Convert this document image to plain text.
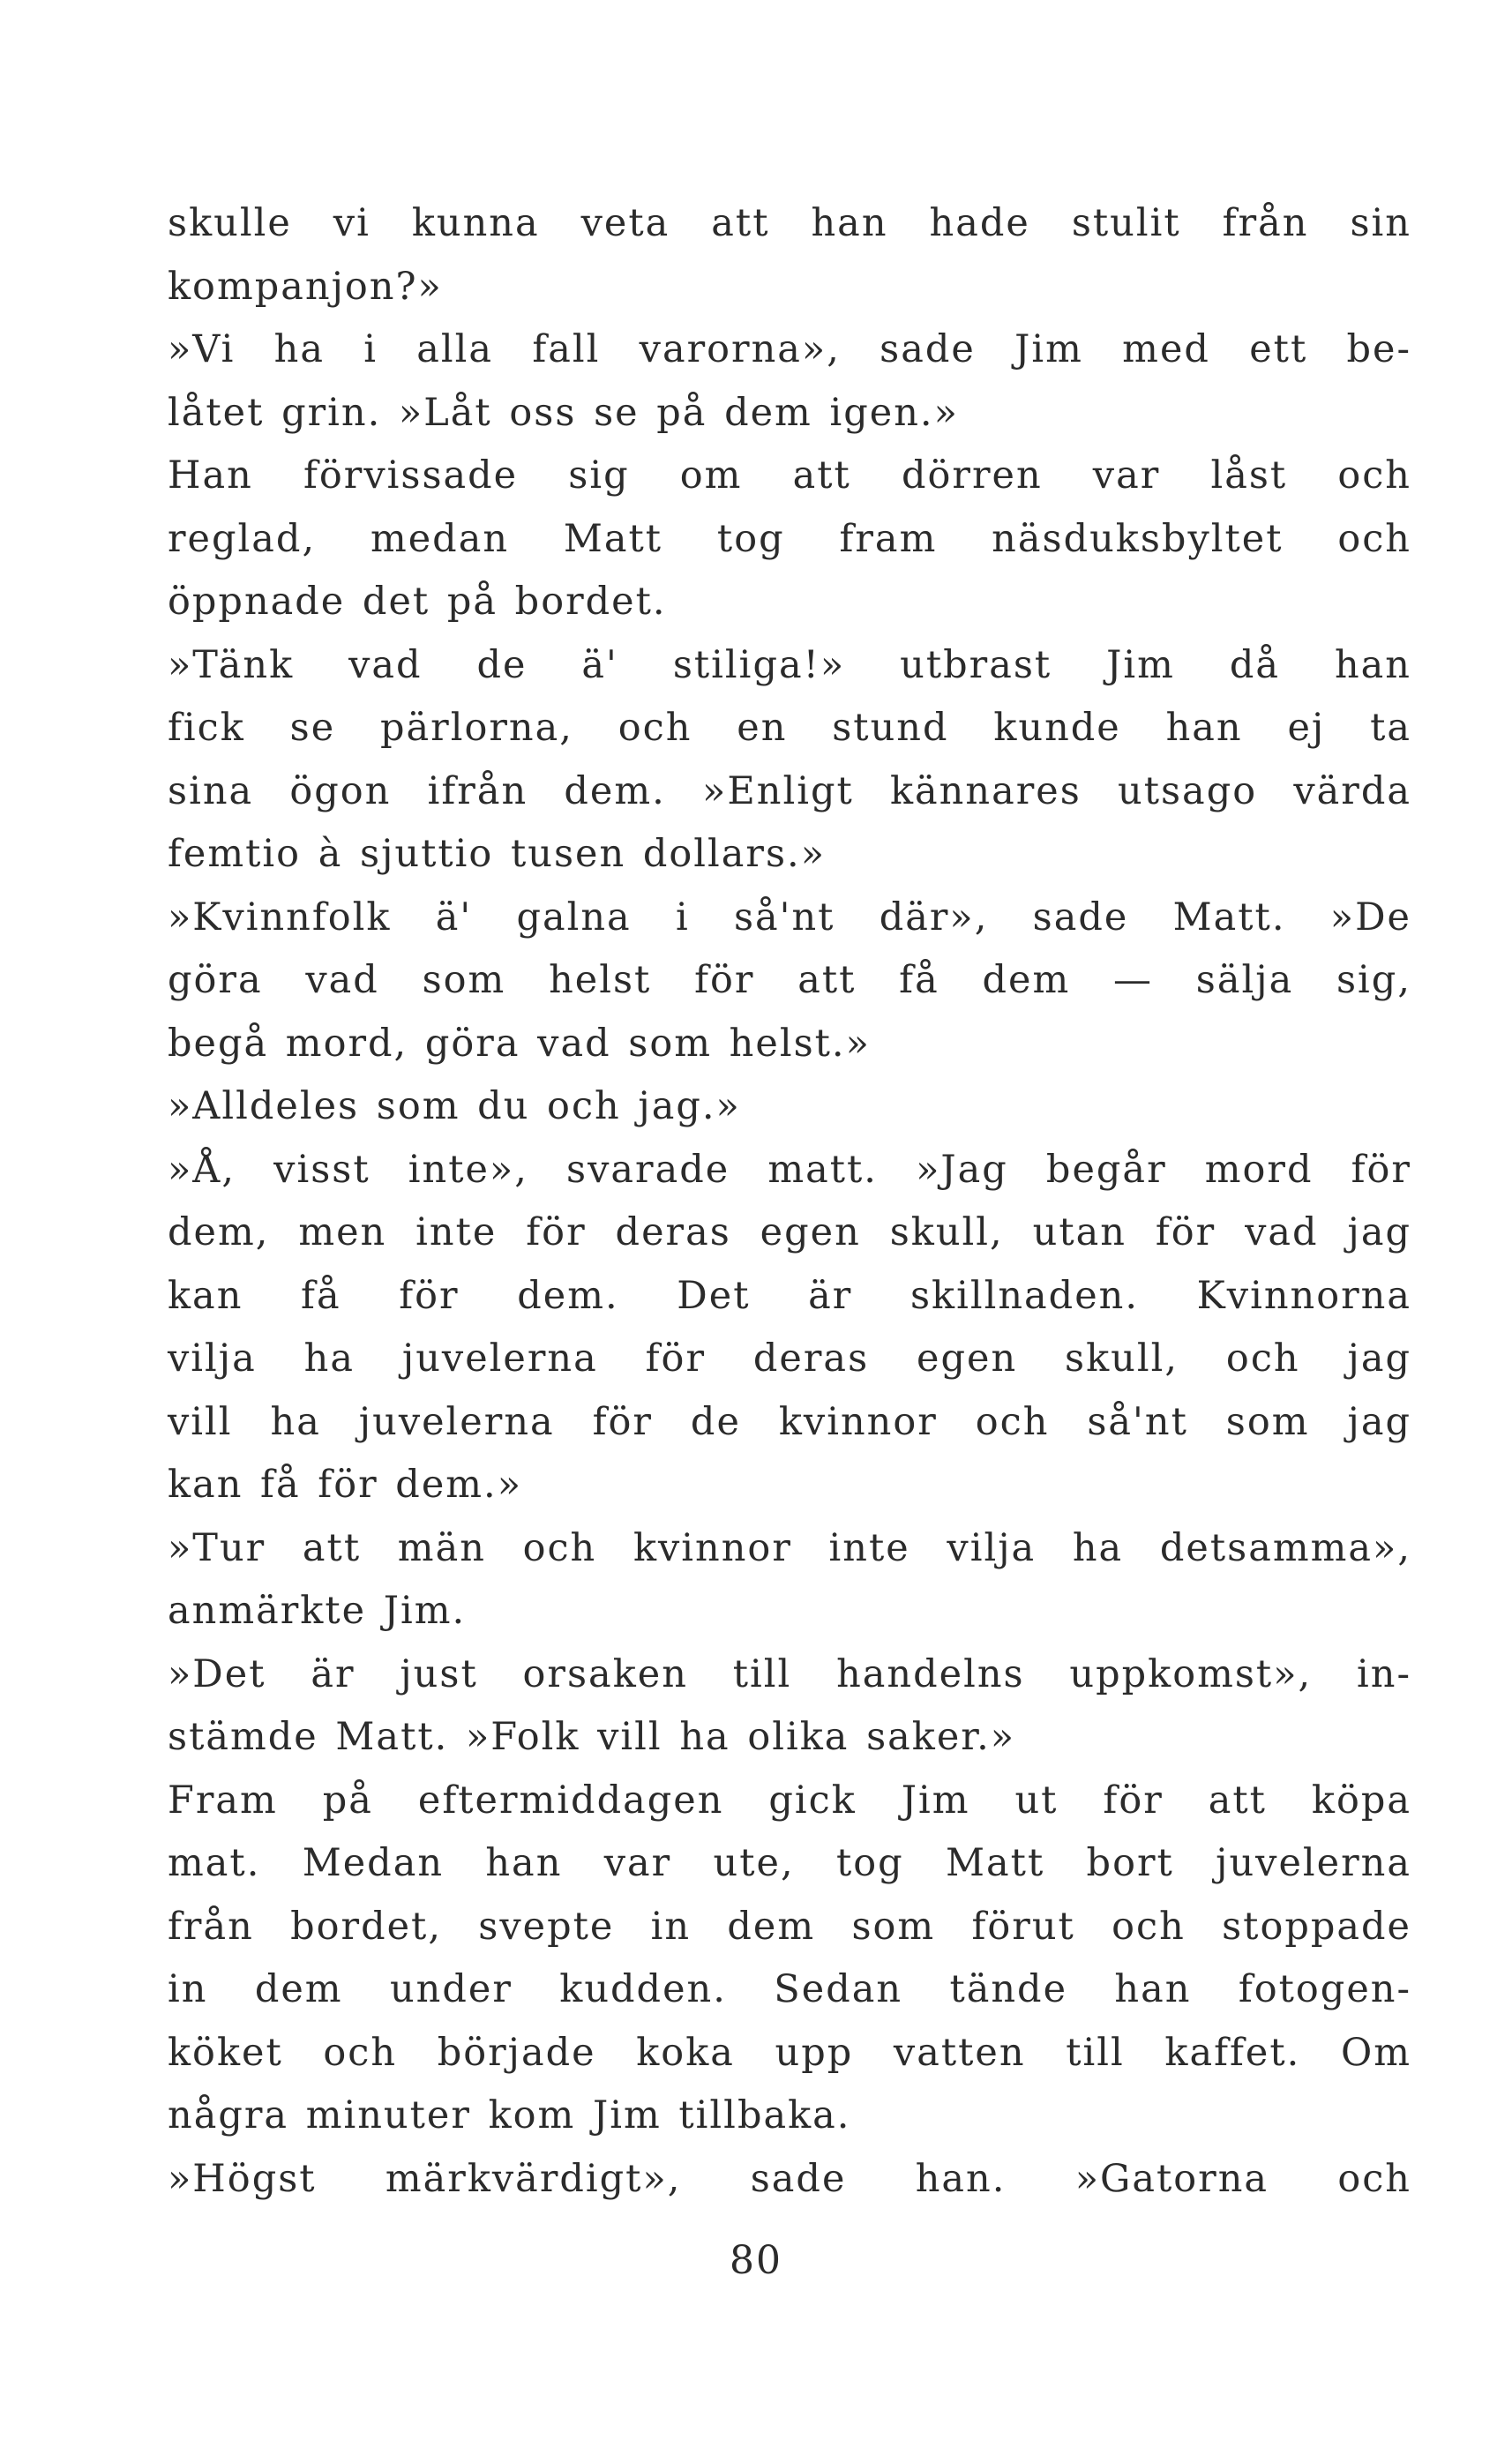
skulle vi kunna veta att han hade stulit från sin
kompanjon?»
»Vi ha i alla fall varorna», sade Jim med ett be-
låtet grin. »Låt oss se på dem igen.»
Han förvissade sig om att dörren var låst och
reglad, medan Matt tog fram näsduksbyltet och
öppnade det på bordet.
»Tänk vad de ä' stiliga!» utbrast Jim då han
fick se pärlorna, och en stund kunde han ej ta
sina ögon ifrån dem. »Enligt kännares utsago värda
femtio à sjuttio tusen dollars.»
»Kvinnfolk ä' galna i så'nt där», sade Matt. »De
göra vad som helst för att få dem — sälja sig,
begå mord, göra vad som helst.»
»Alldeles som du och jag.»
»Å, visst inte», svarade matt. »Jag begår mord för
dem, men inte för deras egen skull, utan för vad jag
kan få för dem. Det är skillnaden. Kvinnorna
vilja ha juvelerna för deras egen skull, och jag
vill ha juvelerna för de kvinnor och så'nt som jag
kan få för dem.»
»Tur att män och kvinnor inte vilja ha detsamma»,
anmärkte Jim.
»Det är just orsaken till handelns uppkomst», in-
stämde Matt. »Folk vill ha olika saker.»
Fram på eftermiddagen gick Jim ut för att köpa
mat. Medan han var ute, tog Matt bort juvelerna
från bordet, svepte in dem som förut och stoppade
in dem under kudden. Sedan tände han fotogen-
köket och började koka upp vatten till kaffet. Om
några minuter kom Jim tillbaka.
»Högst märkvärdigt», sade han. »Gatorna och
80
